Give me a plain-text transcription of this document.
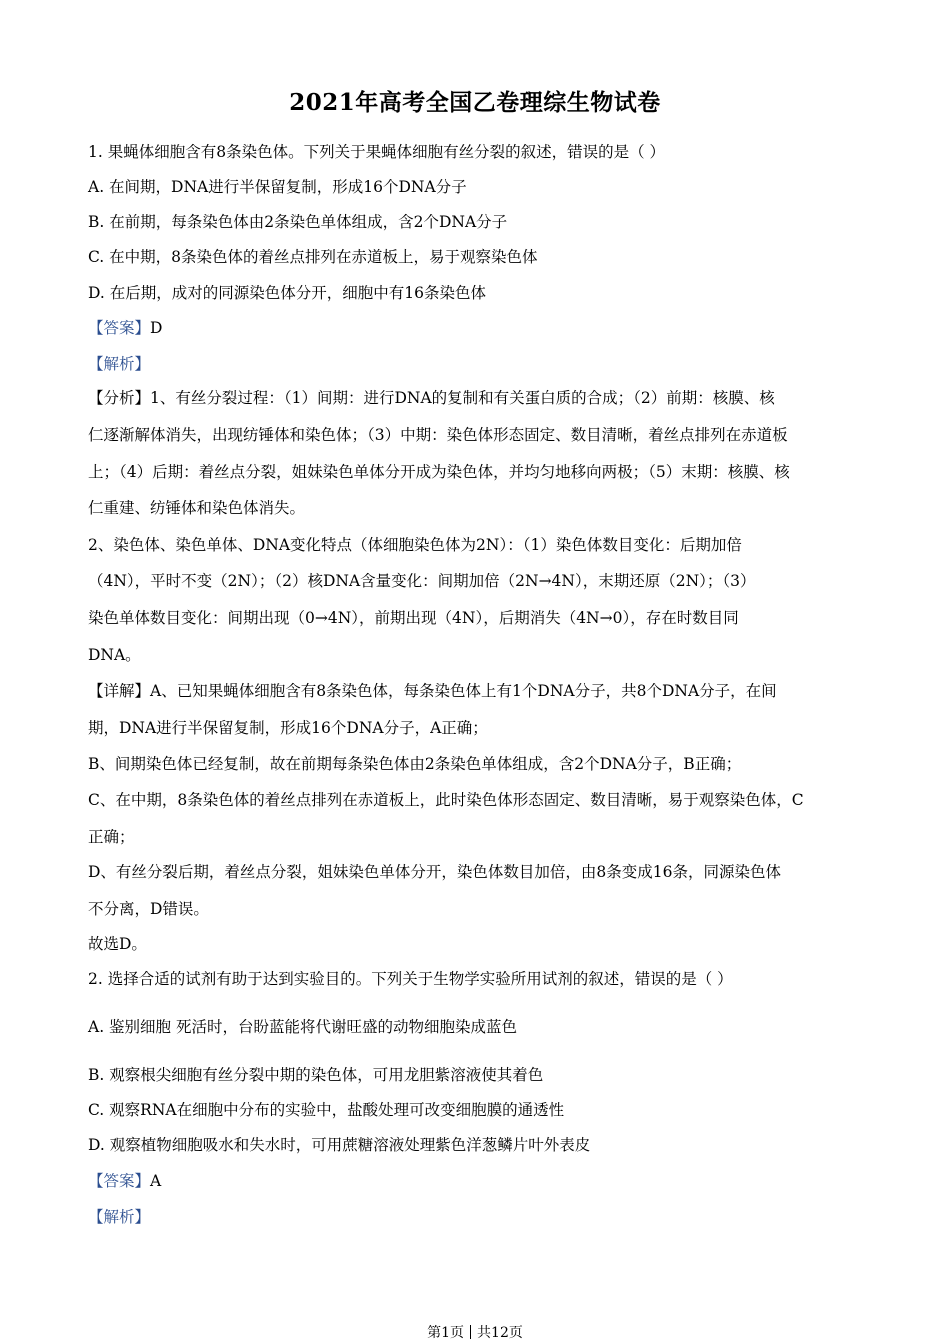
2021年高考全国乙卷理综生物试卷
1. 果蝇体细胞含有8条染色体。下列关于果蝇体细胞有丝分裂的叙述，错误的是（ ）
A. 在间期，DNA进行半保留复制，形成16个DNA分子
B. 在前期，每条染色体由2条染色单体组成，含2个DNA分子
C. 在中期，8条染色体的着丝点排列在赤道板上，易于观察染色体
D. 在后期，成对的同源染色体分开，细胞中有16条染色体
【答案】D
【解析】
【分析】1、有丝分裂过程：（1）间期：进行DNA的复制和有关蛋白质的合成；（2）前期：核膜、核
仁逐渐解体消失，出现纺锤体和染色体；（3）中期：染色体形态固定、数目清晰，着丝点排列在赤道板
上；（4）后期：着丝点分裂，姐妹染色单体分开成为染色体，并均匀地移向两极；（5）末期：核膜、核
仁重建、纺锤体和染色体消失。
2、染色体、染色单体、DNA变化特点（体细胞染色体为2N）：（1）染色体数目变化：后期加倍
（4N），平时不变（2N）；（2）核DNA含量变化：间期加倍（2N→4N），末期还原（2N）；（3）
染色单体数目变化：间期出现（0→4N），前期出现（4N），后期消失（4N→0），存在时数目同
DNA。
【详解】A、已知果蝇体细胞含有8条染色体，每条染色体上有1个DNA分子，共8个DNA分子，在间
期，DNA进行半保留复制，形成16个DNA分子，A正确；
B、间期染色体已经复制，故在前期每条染色体由2条染色单体组成，含2个DNA分子，B正确；
C、在中期，8条染色体的着丝点排列在赤道板上，此时染色体形态固定、数目清晰，易于观察染色体，C
正确；
D、有丝分裂后期，着丝点分裂，姐妹染色单体分开，染色体数目加倍，由8条变成16条，同源染色体
不分离，D错误。
故选D。
2. 选择合适的试剂有助于达到实验目的。下列关于生物学实验所用试剂的叙述，错误的是（ ）
A. 鉴别细胞 死活时，台盼蓝能将代谢旺盛的动物细胞染成蓝色
B. 观察根尖细胞有丝分裂中期的染色体，可用龙胆紫溶液使其着色
C. 观察RNA在细胞中分布的实验中，盐酸处理可改变细胞膜的通透性
D. 观察植物细胞吸水和失水时，可用蔗糖溶液处理紫色洋葱鳞片叶外表皮
【答案】A
【解析】
第1页 共12页
